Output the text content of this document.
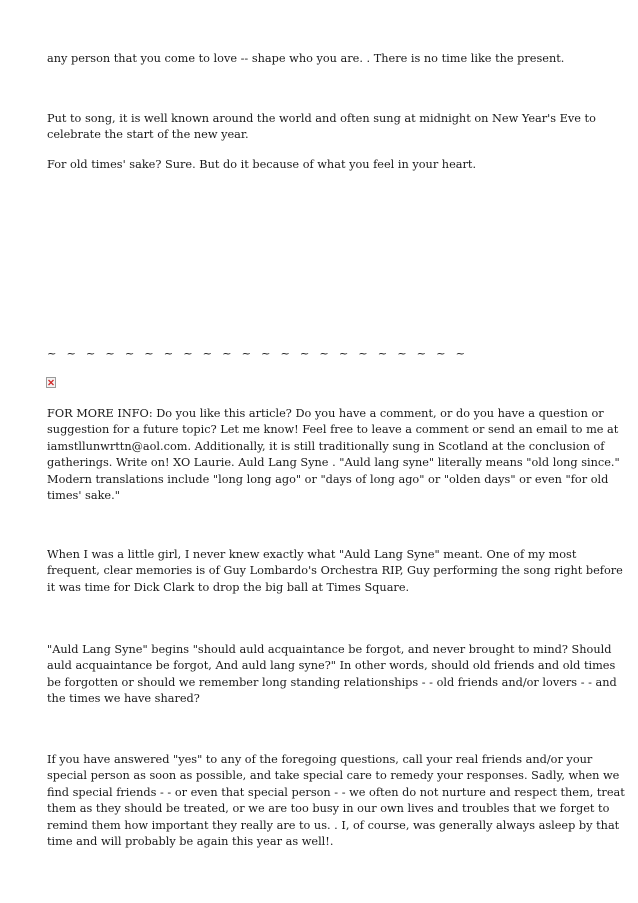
any person that you come to love -- shape who you are. . There is no time like the present.

Put to song, it is well known around the world and often sung at midnight on New Year's Eve to
celebrate the start of the new year.

For old times' sake? Sure. But do it because of what you feel in your heart.

~ ~ ~ ~ ~ ~ ~ ~ ~ ~ ~ ~ ~ ~ ~ ~ ~ ~ ~ ~ ~ ~

FOR MORE INFO: Do you like this article? Do you have a comment, or do you have a question or
suggestion for a future topic? Let me know! Feel free to leave a comment or send an email to me at
iamstllunwrttn@aol.com. Additionally, it is still traditionally sung in Scotland at the conclusion of
gatherings. Write on! XO Laurie. Auld Lang Syne . "Auld lang syne" literally means "old long since."
Modern translations include "long long ago" or "days of long ago" or "olden days" or even "for old
times' sake."

When I was a little girl, I never knew exactly what "Auld Lang Syne" meant. One of my most
frequent, clear memories is of Guy Lombardo's Orchestra RIP, Guy performing the song right before
it was time for Dick Clark to drop the big ball at Times Square.

"Auld Lang Syne" begins "should auld acquaintance be forgot, and never brought to mind? Should
auld acquaintance be forgot, And auld lang syne?" In other words, should old friends and old times
be forgotten or should we remember long standing relationships - - old friends and/or lovers - - and
the times we have shared?

If you have answered "yes" to any of the foregoing questions, call your real friends and/or your
special person as soon as possible, and take special care to remedy your responses. Sadly, when we
find special friends - - or even that special person - - we often do not nurture and respect them, treat
them as they should be treated, or we are too busy in our own lives and troubles that we forget to
remind them how important they really are to us. . I, of course, was generally always asleep by that
time and will probably be again this year as well!.
